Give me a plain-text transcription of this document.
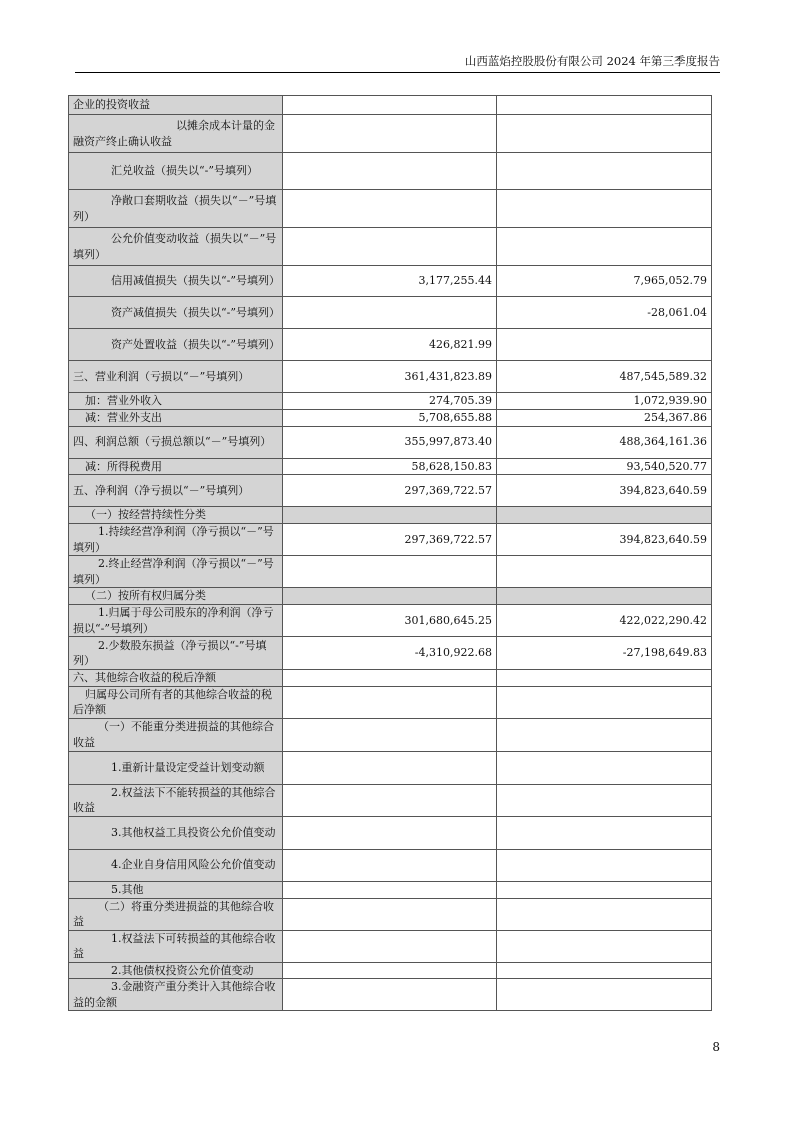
山西蓝焰控股股份有限公司 2024 年第三季度报告
企业的投资收益		
以摊余成本计量的金融资产终止确认收益		
汇兑收益（损失以“-”号填列）		
净敞口套期收益（损失以“－”号填列）		
公允价值变动收益（损失以“－”号填列）		
信用减值损失（损失以“-”号填列）	3,177,255.44	7,965,052.79
资产减值损失（损失以“-”号填列）		-28,061.04
资产处置收益（损失以“-”号填列）	426,821.99	
三、营业利润（亏损以“－”号填列）	361,431,823.89	487,545,589.32
加：营业外收入	274,705.39	1,072,939.90
减：营业外支出	5,708,655.88	254,367.86
四、利润总额（亏损总额以“－”号填列）	355,997,873.40	488,364,161.36
减：所得税费用	58,628,150.83	93,540,520.77
五、净利润（净亏损以“－”号填列）	297,369,722.57	394,823,640.59
（一）按经营持续性分类		
1.持续经营净利润（净亏损以“－”号填列）	297,369,722.57	394,823,640.59
2.终止经营净利润（净亏损以“－”号填列）		
（二）按所有权归属分类		
1.归属于母公司股东的净利润（净亏损以“-”号填列）	301,680,645.25	422,022,290.42
2.少数股东损益（净亏损以“-”号填列）	-4,310,922.68	-27,198,649.83
六、其他综合收益的税后净额		
归属母公司所有者的其他综合收益的税后净额		
（一）不能重分类进损益的其他综合收益		
1.重新计量设定受益计划变动额		
2.权益法下不能转损益的其他综合收益		
3.其他权益工具投资公允价值变动		
4.企业自身信用风险公允价值变动		
5.其他		
（二）将重分类进损益的其他综合收益		
1.权益法下可转损益的其他综合收益		
2.其他债权投资公允价值变动		
3.金融资产重分类计入其他综合收益的金额		
8
